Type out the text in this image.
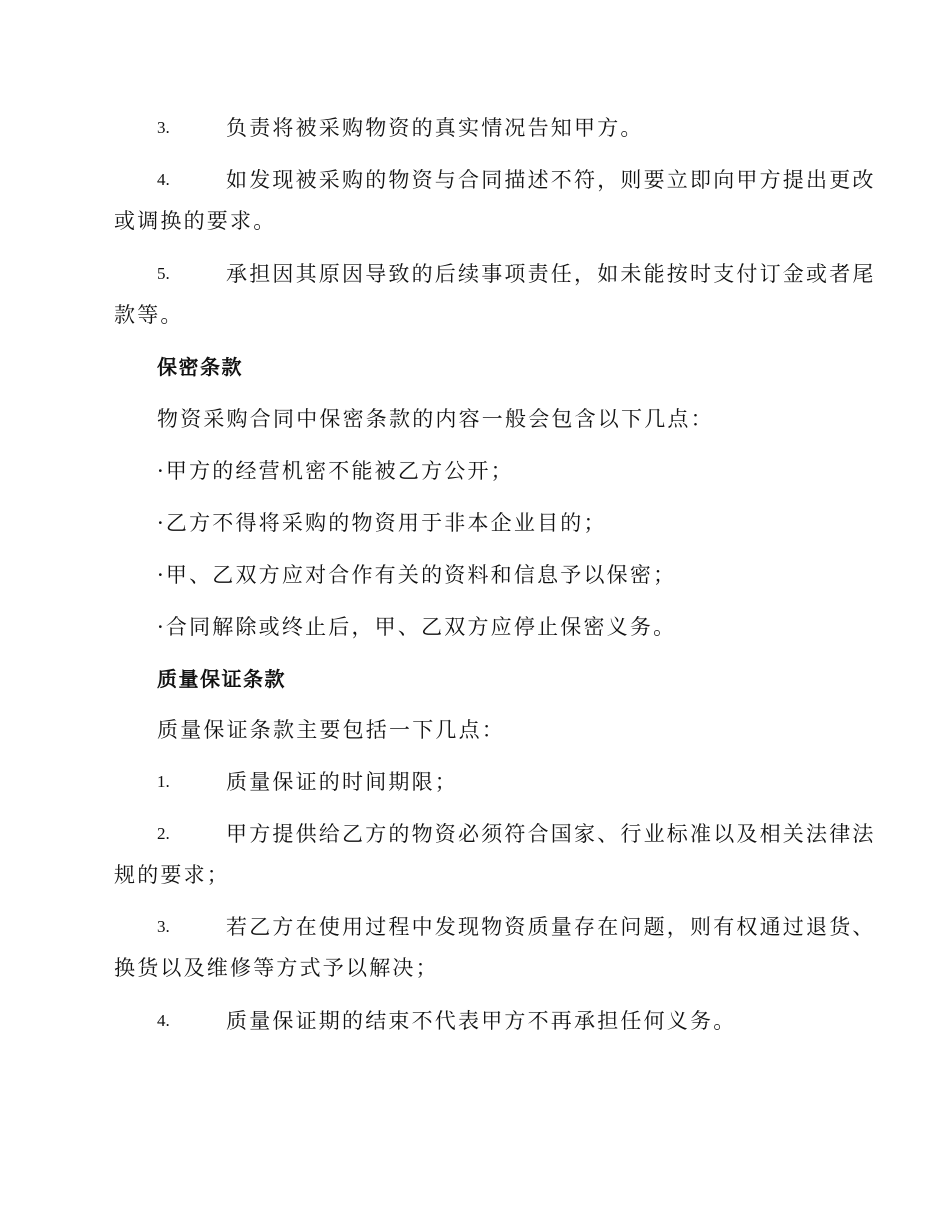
3.	负责将被采购物资的真实情况告知甲方。
4.	如发现被采购的物资与合同描述不符，则要立即向甲方提出更改
或调换的要求。
5.	承担因其原因导致的后续事项责任，如未能按时支付订金或者尾
款等。
保密条款
物资采购合同中保密条款的内容一般会包含以下几点：
·甲方的经营机密不能被乙方公开；
·乙方不得将采购的物资用于非本企业目的；
·甲、乙双方应对合作有关的资料和信息予以保密；
·合同解除或终止后，甲、乙双方应停止保密义务。
质量保证条款
质量保证条款主要包括一下几点：
1.	质量保证的时间期限；
2.	甲方提供给乙方的物资必须符合国家、行业标准以及相关法律法
规的要求；
3.	若乙方在使用过程中发现物资质量存在问题，则有权通过退货、
换货以及维修等方式予以解决；
4.	质量保证期的结束不代表甲方不再承担任何义务。
